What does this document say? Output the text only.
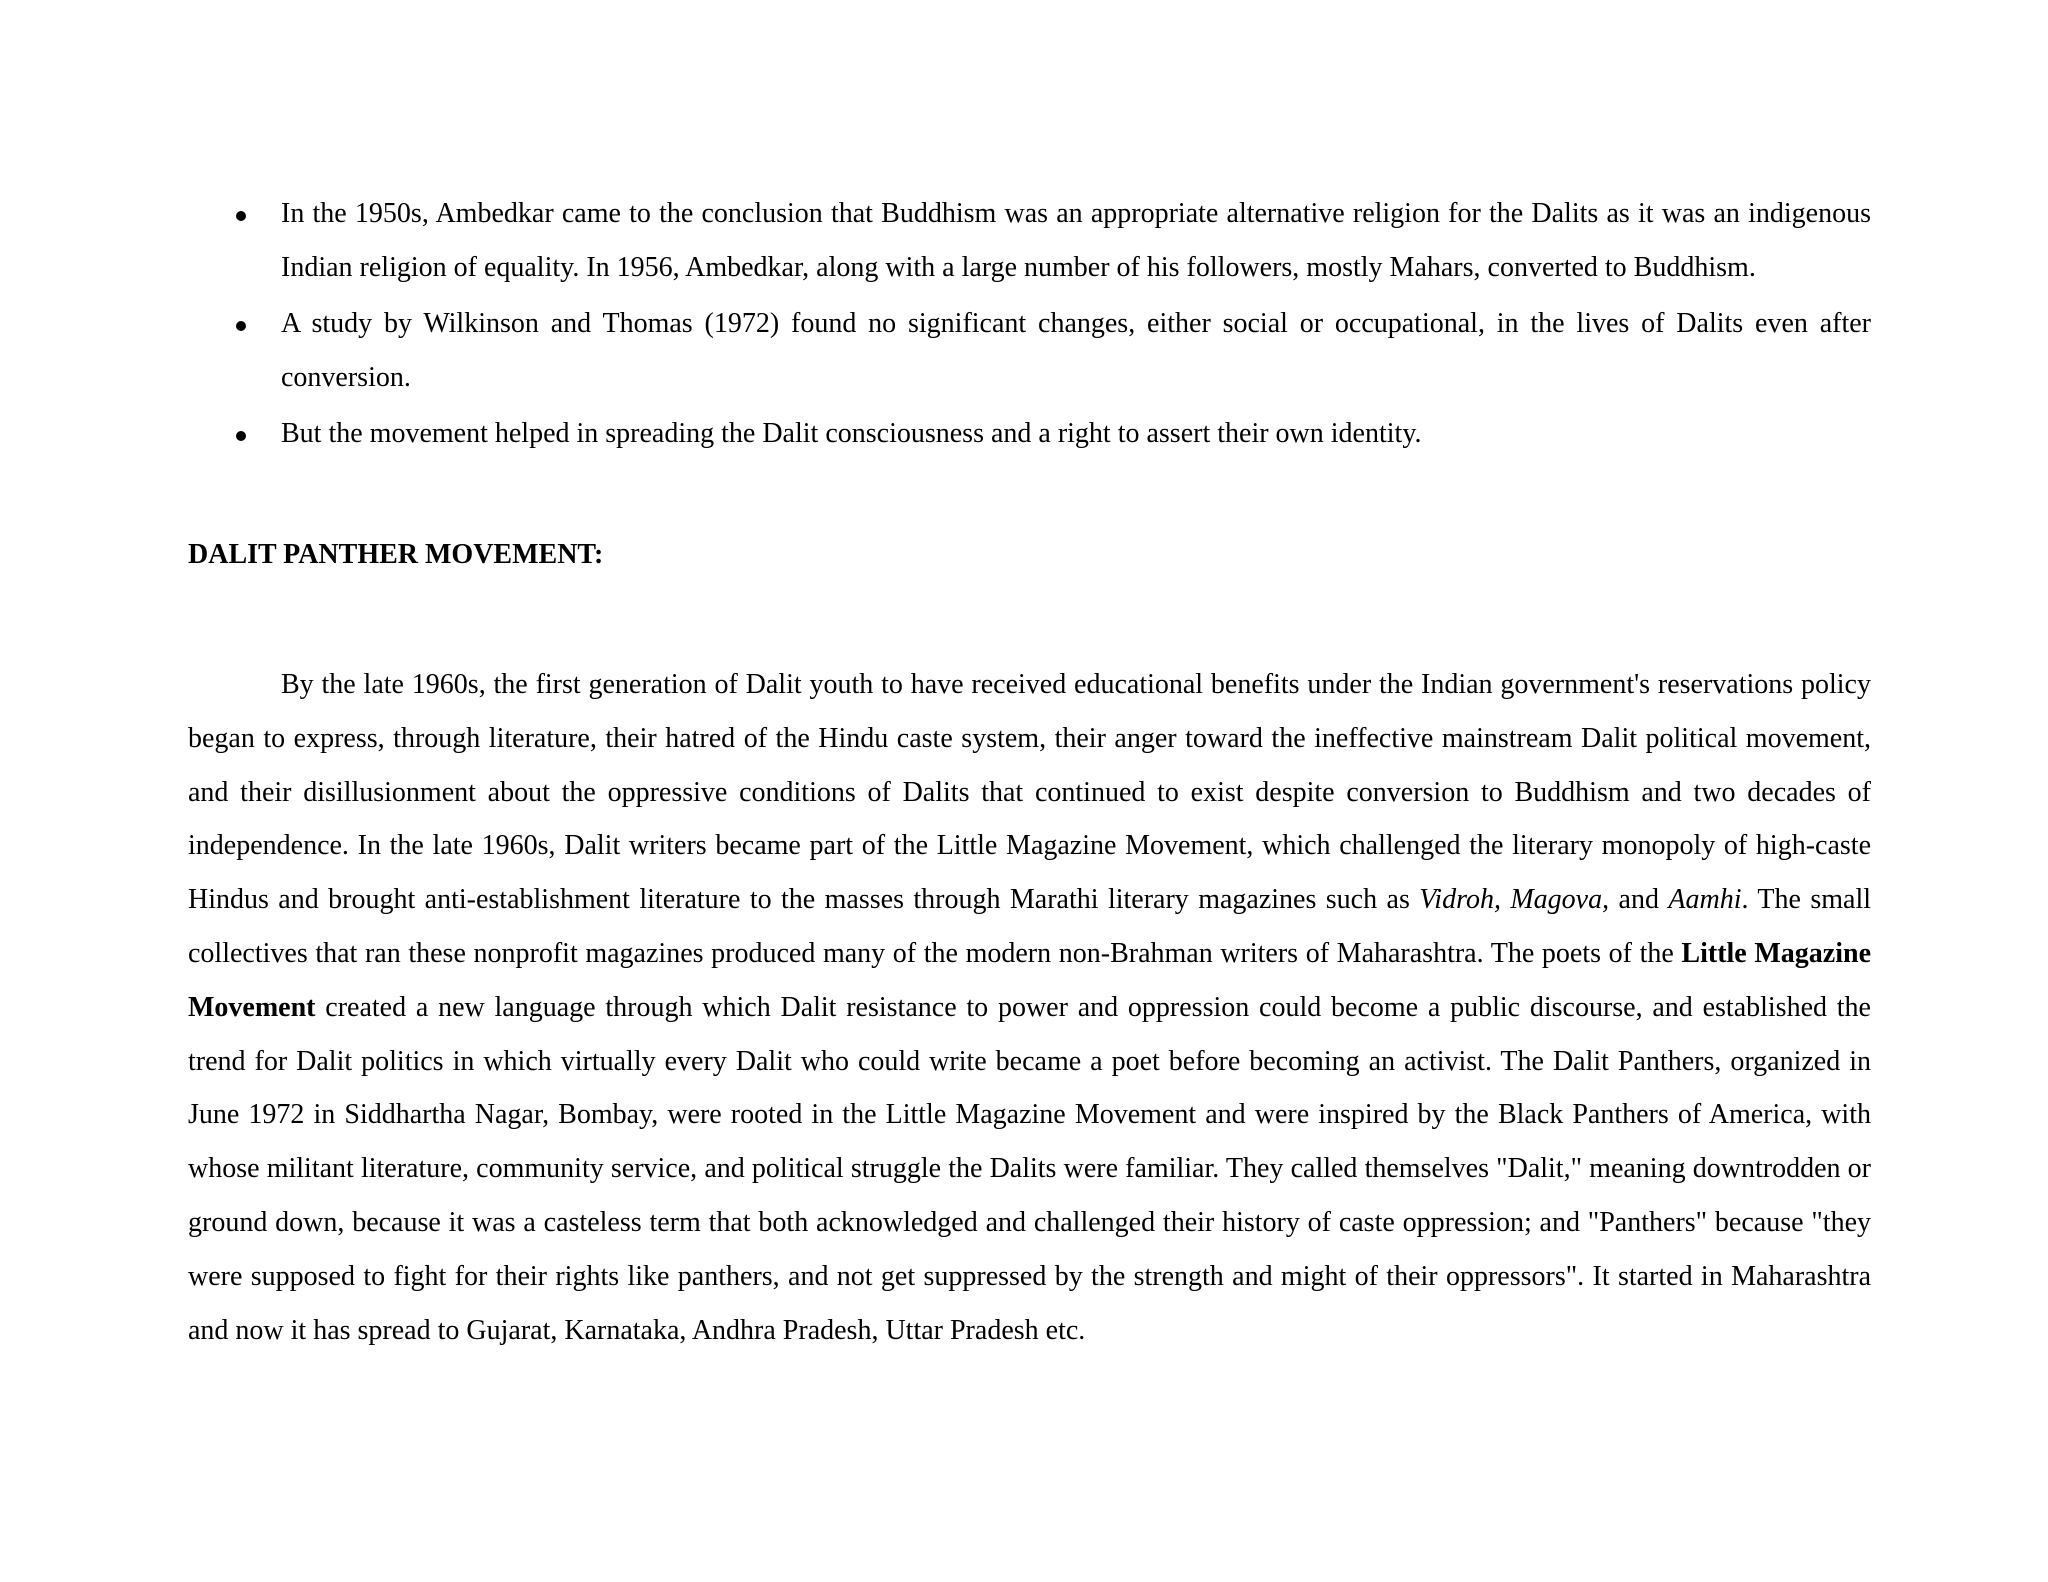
In the 1950s, Ambedkar came to the conclusion that Buddhism was an appropriate alternative religion for the Dalits as it was an indigenous Indian religion of equality. In 1956, Ambedkar, along with a large number of his followers, mostly Mahars, converted to Buddhism.
A study by Wilkinson and Thomas (1972) found no significant changes, either social or occupational, in the lives of Dalits even after conversion.
But the movement helped in spreading the Dalit consciousness and a right to assert their own identity.
DALIT PANTHER MOVEMENT:

By the late 1960s, the first generation of Dalit youth to have received educational benefits under the Indian government's reservations policy began to express, through literature, their hatred of the Hindu caste system, their anger toward the ineffective mainstream Dalit political movement, and their disillusionment about the oppressive conditions of Dalits that continued to exist despite conversion to Buddhism and two decades of independence. In the late 1960s, Dalit writers became part of the Little Magazine Movement, which challenged the literary monopoly of high-caste Hindus and brought anti-establishment literature to the masses through Marathi literary magazines such as Vidroh, Magova, and Aamhi. The small collectives that ran these nonprofit magazines produced many of the modern non-Brahman writers of Maharashtra. The poets of the Little Magazine Movement created a new language through which Dalit resistance to power and oppression could become a public discourse, and established the trend for Dalit politics in which virtually every Dalit who could write became a poet before becoming an activist. The Dalit Panthers, organized in June 1972 in Siddhartha Nagar, Bombay, were rooted in the Little Magazine Movement and were inspired by the Black Panthers of America, with whose militant literature, community service, and political struggle the Dalits were familiar. They called themselves "Dalit," meaning downtrodden or ground down, because it was a casteless term that both acknowledged and challenged their history of caste oppression; and "Panthers" because "they were supposed to fight for their rights like panthers, and not get suppressed by the strength and might of their oppressors". It started in Maharashtra and now it has spread to Gujarat, Karnataka, Andhra Pradesh, Uttar Pradesh etc.
